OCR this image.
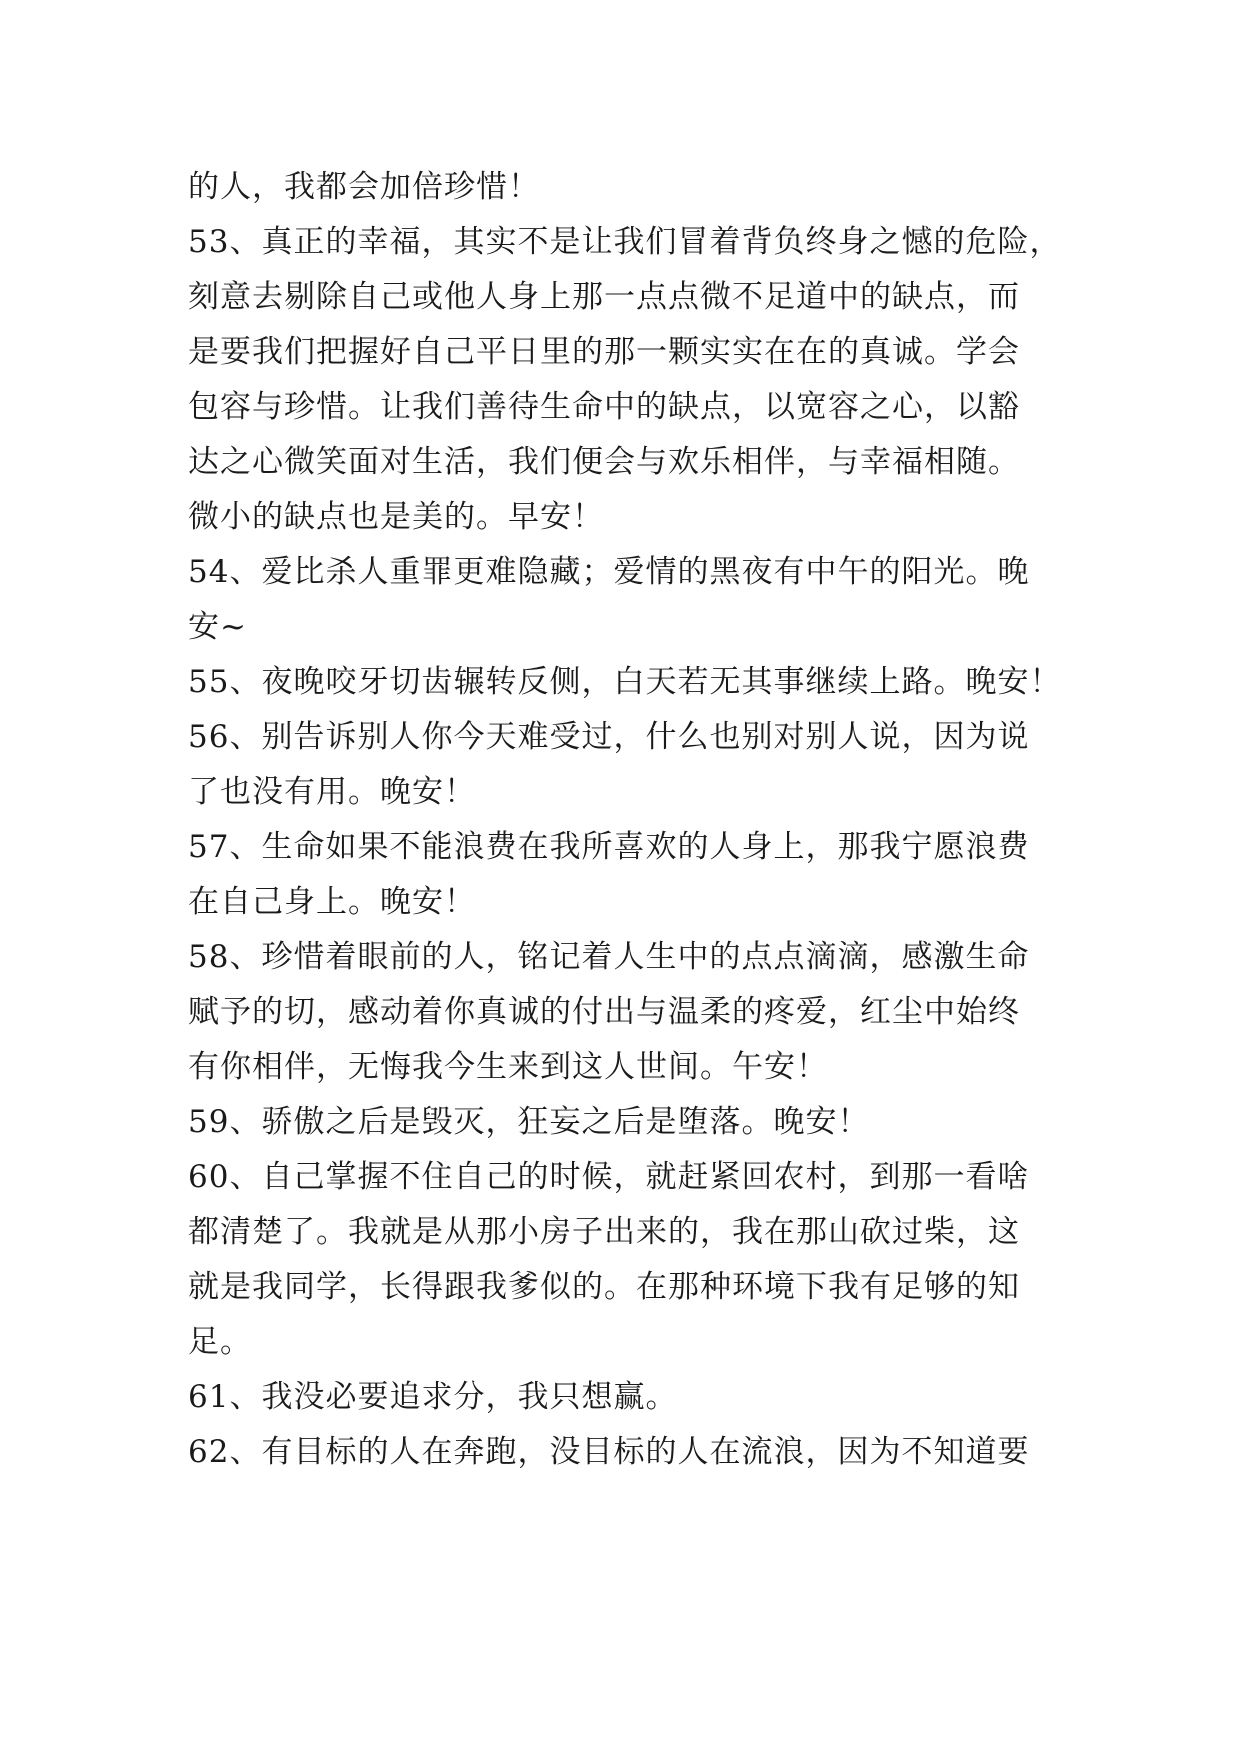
的人，我都会加倍珍惜！
53、真正的幸福，其实不是让我们冒着背负终身之憾的危险，
刻意去剔除自己或他人身上那一点点微不足道中的缺点，而
是要我们把握好自己平日里的那一颗实实在在的真诚。学会
包容与珍惜。让我们善待生命中的缺点，以宽容之心，以豁
达之心微笑面对生活，我们便会与欢乐相伴，与幸福相随。
微小的缺点也是美的。早安！
54、爱比杀人重罪更难隐藏；爱情的黑夜有中午的阳光。晚
安~
55、夜晚咬牙切齿辗转反侧，白天若无其事继续上路。晚安！
56、别告诉别人你今天难受过，什么也别对别人说，因为说
了也没有用。晚安！
57、生命如果不能浪费在我所喜欢的人身上，那我宁愿浪费
在自己身上。晚安！
58、珍惜着眼前的人，铭记着人生中的点点滴滴，感激生命
赋予的切，感动着你真诚的付出与温柔的疼爱，红尘中始终
有你相伴，无悔我今生来到这人世间。午安！
59、骄傲之后是毁灭，狂妄之后是堕落。晚安！
60、自己掌握不住自己的时候，就赶紧回农村，到那一看啥
都清楚了。我就是从那小房子出来的，我在那山砍过柴，这
就是我同学，长得跟我爹似的。在那种环境下我有足够的知
足。
61、我没必要追求分，我只想赢。
62、有目标的人在奔跑，没目标的人在流浪，因为不知道要
